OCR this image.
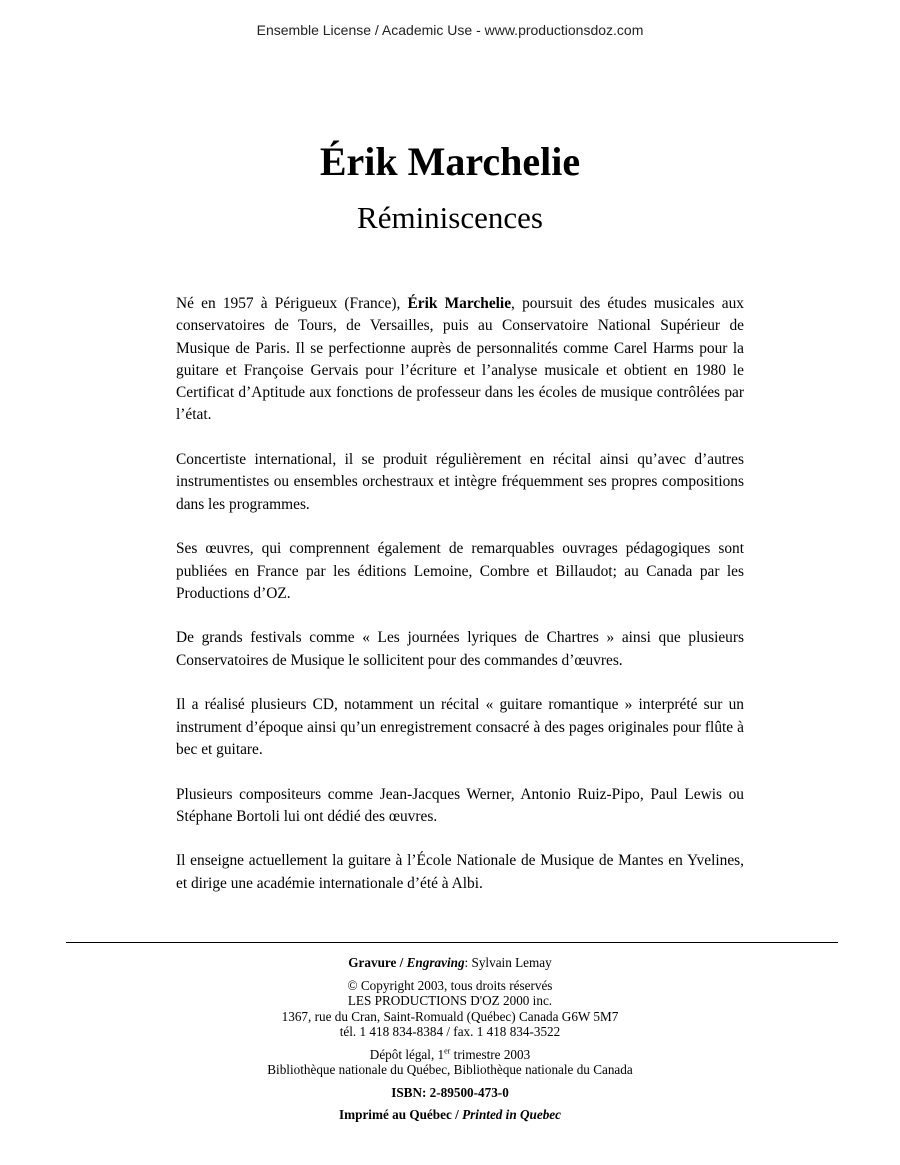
Ensemble License / Academic Use - www.productionsdoz.com
Érik Marchelie
Réminiscences

Né en 1957 à Périgueux (France), Érik Marchelie, poursuit des études musicales aux conservatoires de Tours, de Versailles, puis au Conservatoire National Supérieur de Musique de Paris. Il se perfectionne auprès de personnalités comme Carel Harms pour la guitare et Françoise Gervais pour l’écriture et l’analyse musicale et obtient en 1980 le Certificat d’Aptitude aux fonctions de professeur dans les écoles de musique contrôlées par l’état.

Concertiste international, il se produit régulièrement en récital ainsi qu’avec d’autres instrumentistes ou ensembles orchestraux et intègre fréquemment ses propres compositions dans les programmes.

Ses œuvres, qui comprennent également de remarquables ouvrages pédagogiques sont publiées en France par les éditions Lemoine, Combre et Billaudot; au Canada par les Productions d’OZ.

De grands festivals comme « Les journées lyriques de Chartres » ainsi que plusieurs Conservatoires de Musique le sollicitent pour des commandes d’œuvres.

Il a réalisé plusieurs CD, notamment un récital « guitare romantique » interprété sur un instrument d’époque ainsi qu’un enregistrement consacré à des pages originales pour flûte à bec et guitare.

Plusieurs compositeurs comme Jean-Jacques Werner, Antonio Ruiz-Pipo, Paul Lewis ou Stéphane Bortoli lui ont dédié des œuvres.

Il enseigne actuellement la guitare à l’École Nationale de Musique de Mantes en Yvelines, et dirige une académie internationale d’été à Albi.

Gravure / Engraving: Sylvain Lemay
© Copyright 2003, tous droits réservés
LES PRODUCTIONS D'OZ 2000 inc.
1367, rue du Cran, Saint-Romuald (Québec) Canada G6W 5M7
tél. 1 418 834-8384 / fax. 1 418 834-3522
Dépôt légal, 1er trimestre 2003
Bibliothèque nationale du Québec, Bibliothèque nationale du Canada
ISBN: 2-89500-473-0
Imprimé au Québec / Printed in Quebec
